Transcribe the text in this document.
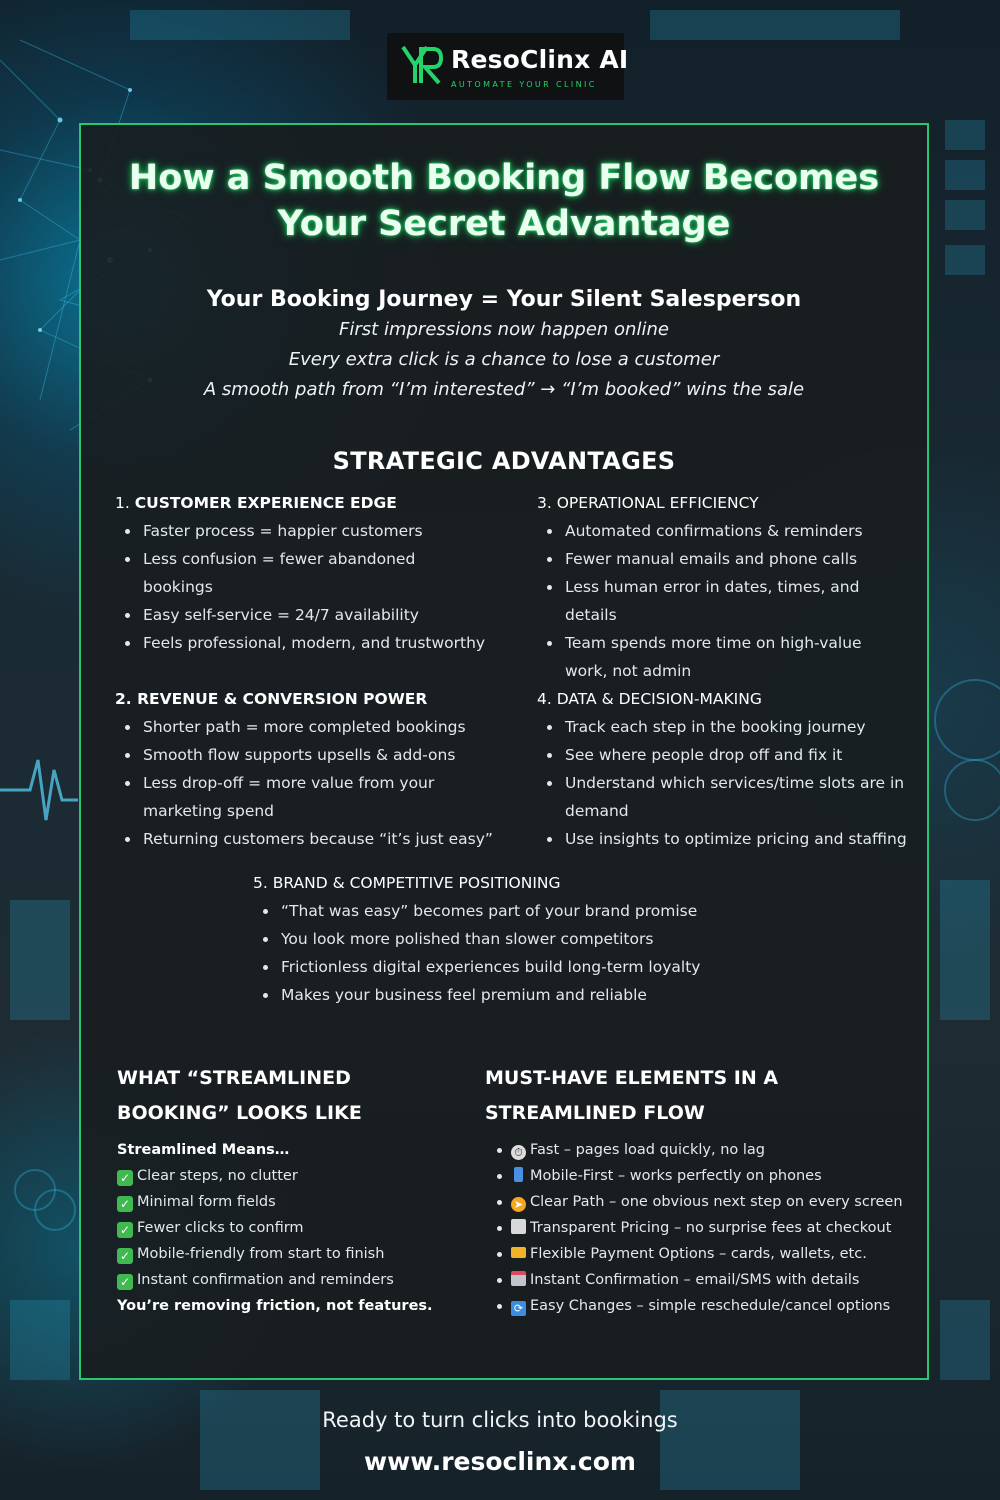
ResoClinx AI
AUTOMATE YOUR CLINIC
How a Smooth Booking Flow Becomes
Your Secret Advantage
Your Booking Journey = Your Silent Salesperson
First impressions now happen online
Every extra click is a chance to lose a customer
A smooth path from “I’m interested” → “I’m booked” wins the sale
STRATEGIC ADVANTAGES
1. CUSTOMER EXPERIENCE EDGE
Faster process = happier customers
Less confusion = fewer abandoned bookings
Easy self-service = 24/7 availability
Feels professional, modern, and trustworthy
2. REVENUE & CONVERSION POWER
Shorter path = more completed bookings
Smooth flow supports upsells & add-ons
Less drop-off = more value from your marketing spend
Returning customers because “it’s just easy”
3. OPERATIONAL EFFICIENCY
Automated confirmations & reminders
Fewer manual emails and phone calls
Less human error in dates, times, and details
Team spends more time on high-value work, not admin
4. DATA & DECISION-MAKING
Track each step in the booking journey
See where people drop off and fix it
Understand which services/time slots are in demand
Use insights to optimize pricing and staffing
5. BRAND & COMPETITIVE POSITIONING
“That was easy” becomes part of your brand promise
You look more polished than slower competitors
Frictionless digital experiences build long-term loyalty
Makes your business feel premium and reliable
WHAT “STREAMLINED
BOOKING” LOOKS LIKE
Streamlined Means…
✓ Clear steps, no clutter
✓ Minimal form fields
✓ Fewer clicks to confirm
✓ Mobile-friendly from start to finish
✓ Instant confirmation and reminders
You’re removing friction, not features.
MUST-HAVE ELEMENTS IN A
STREAMLINED FLOW
⏱ Fast – pages load quickly, no lag
Mobile-First – works perfectly on phones
➤ Clear Path – one obvious next step on every screen
Transparent Pricing – no surprise fees at checkout
Flexible Payment Options – cards, wallets, etc.
Instant Confirmation – email/SMS with details
⟳ Easy Changes – simple reschedule/cancel options
Ready to turn clicks into bookings
www.resoclinx.com
